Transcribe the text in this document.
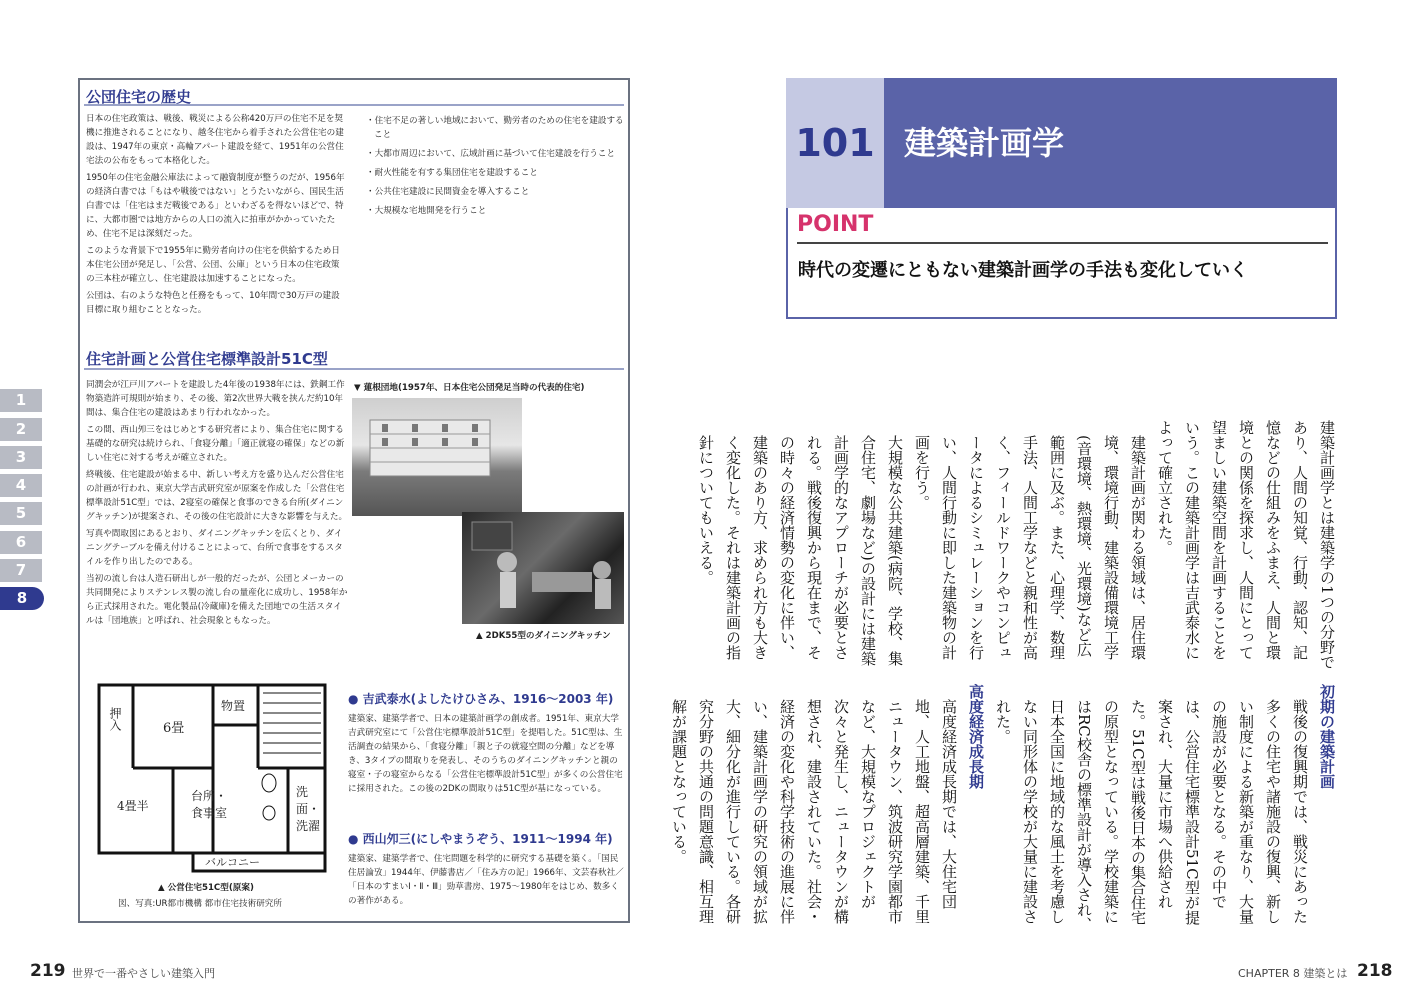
公団住宅の歴史

日本の住宅政策は、戦後、戦災による公称420万戸の住宅不足を契機に推進されることになり、越冬住宅から着手された公営住宅の建設は、1947年の東京・高輪アパート建設を経て、1951年の公営住宅法の公布をもって本格化した。

1950年の住宅金融公庫法によって融資制度が整うのだが、1956年の経済白書では「もはや戦後ではない」とうたいながら、国民生活白書では「住宅はまだ戦後である」といわざるを得ないほどで、特に、大都市圏では地方からの人口の流入に拍車がかかっていたため、住宅不足は深刻だった。

このような背景下で1955年に勤労者向けの住宅を供給するため日本住宅公団が発足し、「公営、公団、公庫」という日本の住宅政策の三本柱が確立し、住宅建設は加速することになった。

公団は、右のような特色と任務をもって、10年間で30万戸の建設目標に取り組むこととなった。

・住宅不足の著しい地域において、勤労者のための住宅を建設すること
・大都市周辺において、広域計画に基づいて住宅建設を行うこと
・耐火性能を有する集団住宅を建設すること
・公共住宅建設に民間資金を導入すること
・大規模な宅地開発を行うこと
住宅計画と公営住宅標準設計51C型

同潤会が江戸川アパートを建設した4年後の1938年には、鉄鋼工作物築造許可規則が始まり、その後、第2次世界大戦を挟んだ約10年間は、集合住宅の建設はあまり行われなかった。

この間、西山夘三をはじめとする研究者により、集合住宅に関する基礎的な研究は続けられ、「食寝分離」「適正就寝の確保」などの新しい住宅に対する考えが確立された。

終戦後、住宅建設が始まる中、新しい考え方を盛り込んだ公営住宅の計画が行われ、東京大学吉武研究室が原案を作成した「公営住宅標準設計51C型」では、2寝室の確保と食事のできる台所(ダイニングキッチン)が提案され、その後の住宅設計に大きな影響を与えた。

写真や間取図にあるとおり、ダイニングキッチンを広くとり、ダイニングテーブルを備え付けることによって、台所で食事をするスタイルを作り出したのである。

当初の流し台は人造石研出しが一般的だったが、公団とメーカーの共同開発によりステンレス製の流し台の量産化に成功し、1958年から正式採用された。電化製品(冷蔵庫)を備えた団地での生活スタイルは「団地族」と呼ばれ、社会現象ともなった。

▼ 蓮根団地(1957年、日本住宅公団発足当時の代表的住宅)
▲ 2DK55型のダイニングキッチン
押入	6畳
物置
4畳半
台所・
食事室
洗面・
洗濯
バルコニー
▲ 公営住宅51C型(原案)
図、写真:UR都市機構 都市住宅技術研究所
● 吉武泰水(よしたけひさみ、1916〜2003 年)

建築家、建築学者で、日本の建築計画学の創成者。1951年、東京大学吉武研究室にて「公営住宅標準設計51C型」を提唱した。51C型は、生活調査の結果から、「食寝分離」「親と子の就寝空間の分離」などを導き、3タイプの間取りを発表し、そのうちのダイニングキッチンと親の寝室・子の寝室からなる「公営住宅標準設計51C型」が多くの公営住宅に採用された。この後の2DKの間取りは51C型が基になっている。

● 西山夘三(にしやまうぞう、1911〜1994 年)

建築家、建築学者で、住宅問題を科学的に研究する基礎を築く。「国民住居論攷」1944年、伊藤書店／「住み方の記」1966年、文芸春秋社／「日本のすまいⅠ・Ⅱ・Ⅲ」勁草書房、1975〜1980年をはじめ、数多くの著作がある。

1
2
3
4
5
6
7
8
219 世界で一番やさしい建築入門
101 建築計画学
POINT
時代の変遷にともない建築計画学の手法も変化していく

建築計画学とは建築学の1つの分野であり、人間の知覚、行動、認知、記憶などの仕組みをふまえ、人間と環境との関係を探求し、人間にとって望ましい建築空間を計画することをいう。この建築計画学は吉武泰水によって確立された。

建築計画が関わる領域は、居住環境、環境行動、建築設備環境工学(音環境、熱環境、光環境)など広範囲に及ぶ。また、心理学、数理手法、人間工学などと親和性が高く、フィールドワークやコンピュータによるシミュレーションを行い、人間行動に即した建築物の計画を行う。

大規模な公共建築(病院、学校、集合住宅、劇場など)の設計には建築計画学的なアプローチが必要とされる。戦後復興から現在まで、その時々の経済情勢の変化に伴い、建築のあり方、求められ方も大きく変化した。それは建築計画の指針についてもいえる。

初期の建築計画

戦後の復興期では、戦災にあった多くの住宅や諸施設の復興、新しい制度による新築が重なり、大量の施設が必要となる。その中では、公営住宅標準設計51C型が提案され、大量に市場へ供給された。51C型は戦後日本の集合住宅の原型となっている。学校建築にはRC校舎の標準設計が導入され、日本全国に地域的な風土を考慮しない同形体の学校が大量に建設された。

高度経済成長期

高度経済成長期では、大住宅団地、人工地盤、超高層建築、千里ニュータウン、筑波研究学園都市など、大規模なプロジェクトが次々と発生し、ニュータウンが構想され、建設されていた。社会・経済の変化や科学技術の進展に伴い、建築計画学の研究の領域が拡大、細分化が進行している。各研究分野の共通の問題意識、相互理解が課題となっている。

CHAPTER 8 建築とは 218
